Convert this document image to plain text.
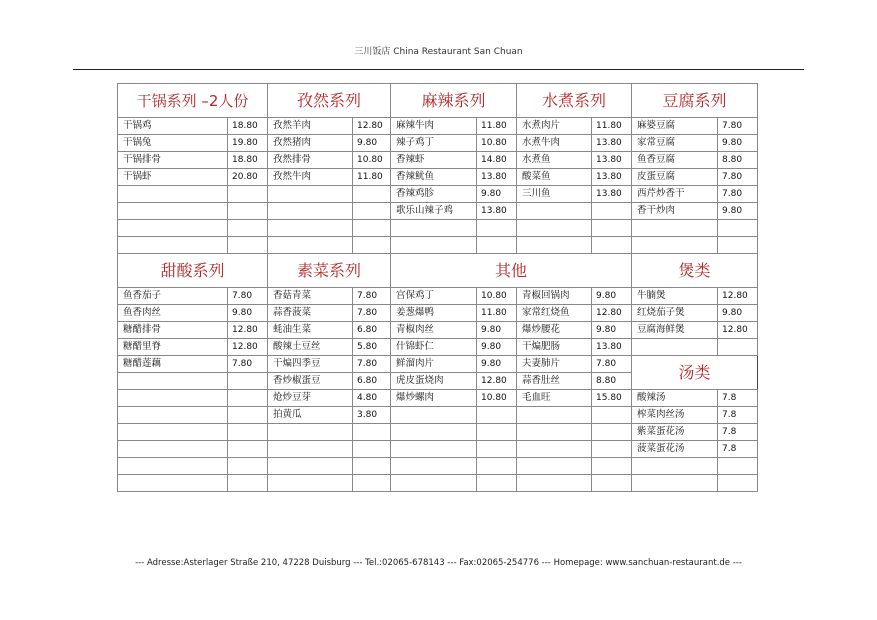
三川饭店 China Restaurant San Chuan
干锅系列 –2人份		孜然系列		麻辣系列		水煮系列		豆腐系列	
干锅鸡	18.80	孜然羊肉	12.80	麻辣牛肉	11.80	水煮肉片	11.80	麻婆豆腐	7.80
干锅兔	19.80	孜然猪肉	9.80	辣子鸡丁	10.80	水煮牛肉	13.80	家常豆腐	9.80
干锅排骨	18.80	孜然排骨	10.80	香辣虾	14.80	水煮鱼	13.80	鱼香豆腐	8.80
干锅虾	20.80	孜然牛肉	11.80	香辣鱿鱼	13.80	酸菜鱼	13.80	皮蛋豆腐	7.80
				香辣鸡胗	9.80	三川鱼	13.80	西芹炒香干	7.80
				歌乐山辣子鸡	13.80			香干炒肉	9.80

甜酸系列		素菜系列		其他				煲类	
鱼香茄子	7.80	香菇青菜	7.80	宫保鸡丁	10.80	青椒回锅肉	9.80	牛腩煲	12.80
鱼香肉丝	9.80	蒜香菠菜	7.80	姜葱爆鸭	11.80	家常红烧鱼	12.80	红烧茄子煲	9.80
糖醋排骨	12.80	蚝油生菜	6.80	青椒肉丝	9.80	爆炒腰花	9.80	豆腐海鲜煲	12.80
糖醋里脊	12.80	酸辣土豆丝	5.80	什锦虾仁	9.80	干煸肥肠	13.80		
糖醋莲藕	7.80	干煸四季豆	7.80	鲜溜肉片	9.80	夫妻肺片	7.80	汤类	
		香炒椒蛋豆	6.80	虎皮蛋烧肉	12.80	蒜香肚丝	8.80		
		炝炒豆芽	4.80	爆炒螺肉	10.80	毛血旺	15.80	酸辣汤	7.8
		拍黄瓜	3.80					榨菜肉丝汤	7.8
								紫菜蛋花汤	7.8
								菠菜蛋花汤	7.8

--- Adresse:Asterlager Straße 210, 47228 Duisburg --- Tel.:02065-678143 --- Fax:02065-254776 --- Homepage: www.sanchuan-restaurant.de ---
